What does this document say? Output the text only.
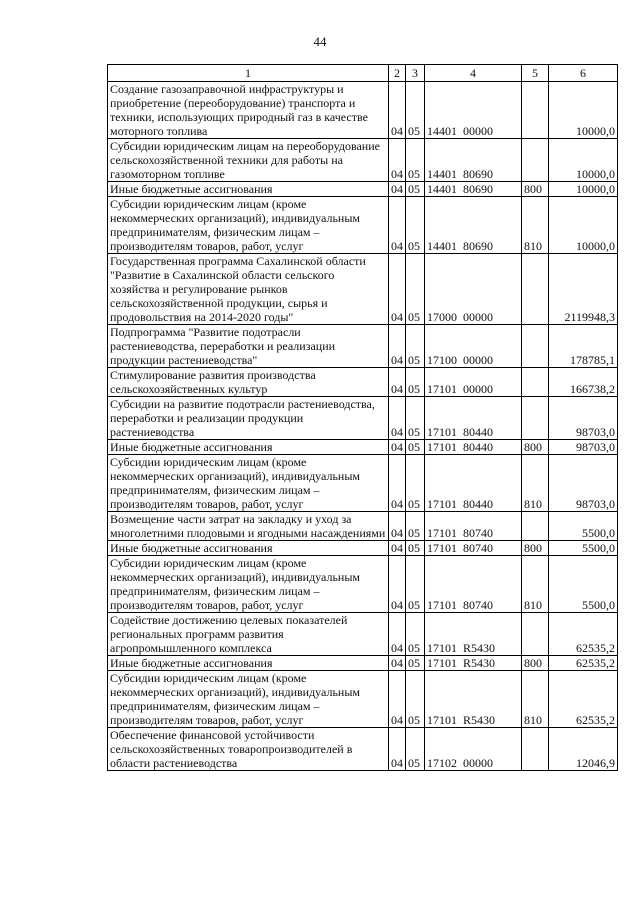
44
1	2	3	4	5	6
Создание газозаправочной инфраструктуры и приобретение (переоборудование) транспорта и техники, использующих природный газ в качестве моторного топлива	04	05	14401  00000		10000,0
Субсидии юридическим лицам на переоборудование сельскохозяйственной техники для работы на газомоторном топливе	04	05	14401  80690		10000,0
Иные бюджетные ассигнования	04	05	14401  80690	800	10000,0
Субсидии юридическим лицам (кроме некоммерческих организаций), индивидуальным предпринимателям, физическим лицам – производителям товаров, работ, услуг	04	05	14401  80690	810	10000,0
Государственная программа Сахалинской области "Развитие в Сахалинской области сельского хозяйства и регулирование рынков сельскохозяйственной продукции, сырья и продовольствия на 2014-2020 годы"	04	05	17000  00000		2119948,3
Подпрограмма "Развитие подотрасли растениеводства, переработки и реализации продукции растениеводства"	04	05	17100  00000		178785,1
Стимулирование развития производства сельскохозяйственных культур	04	05	17101  00000		166738,2
Субсидии на развитие подотрасли растениеводства, переработки и реализации продукции растениеводства	04	05	17101  80440		98703,0
Иные бюджетные ассигнования	04	05	17101  80440	800	98703,0
Субсидии юридическим лицам (кроме некоммерческих организаций), индивидуальным предпринимателям, физическим лицам – производителям товаров, работ, услуг	04	05	17101  80440	810	98703,0
Возмещение части затрат на закладку и уход за многолетними плодовыми и ягодными насаждениями	04	05	17101  80740		5500,0
Иные бюджетные ассигнования	04	05	17101  80740	800	5500,0
Субсидии юридическим лицам (кроме некоммерческих организаций), индивидуальным предпринимателям, физическим лицам – производителям товаров, работ, услуг	04	05	17101  80740	810	5500,0
Содействие достижению целевых показателей региональных программ развития агропромышленного комплекса	04	05	17101  R5430		62535,2
Иные бюджетные ассигнования	04	05	17101  R5430	800	62535,2
Субсидии юридическим лицам (кроме некоммерческих организаций), индивидуальным предпринимателям, физическим лицам – производителям товаров, работ, услуг	04	05	17101  R5430	810	62535,2
Обеспечение финансовой устойчивости сельскохозяйственных товаропроизводителей в области растениеводства	04	05	17102  00000		12046,9
